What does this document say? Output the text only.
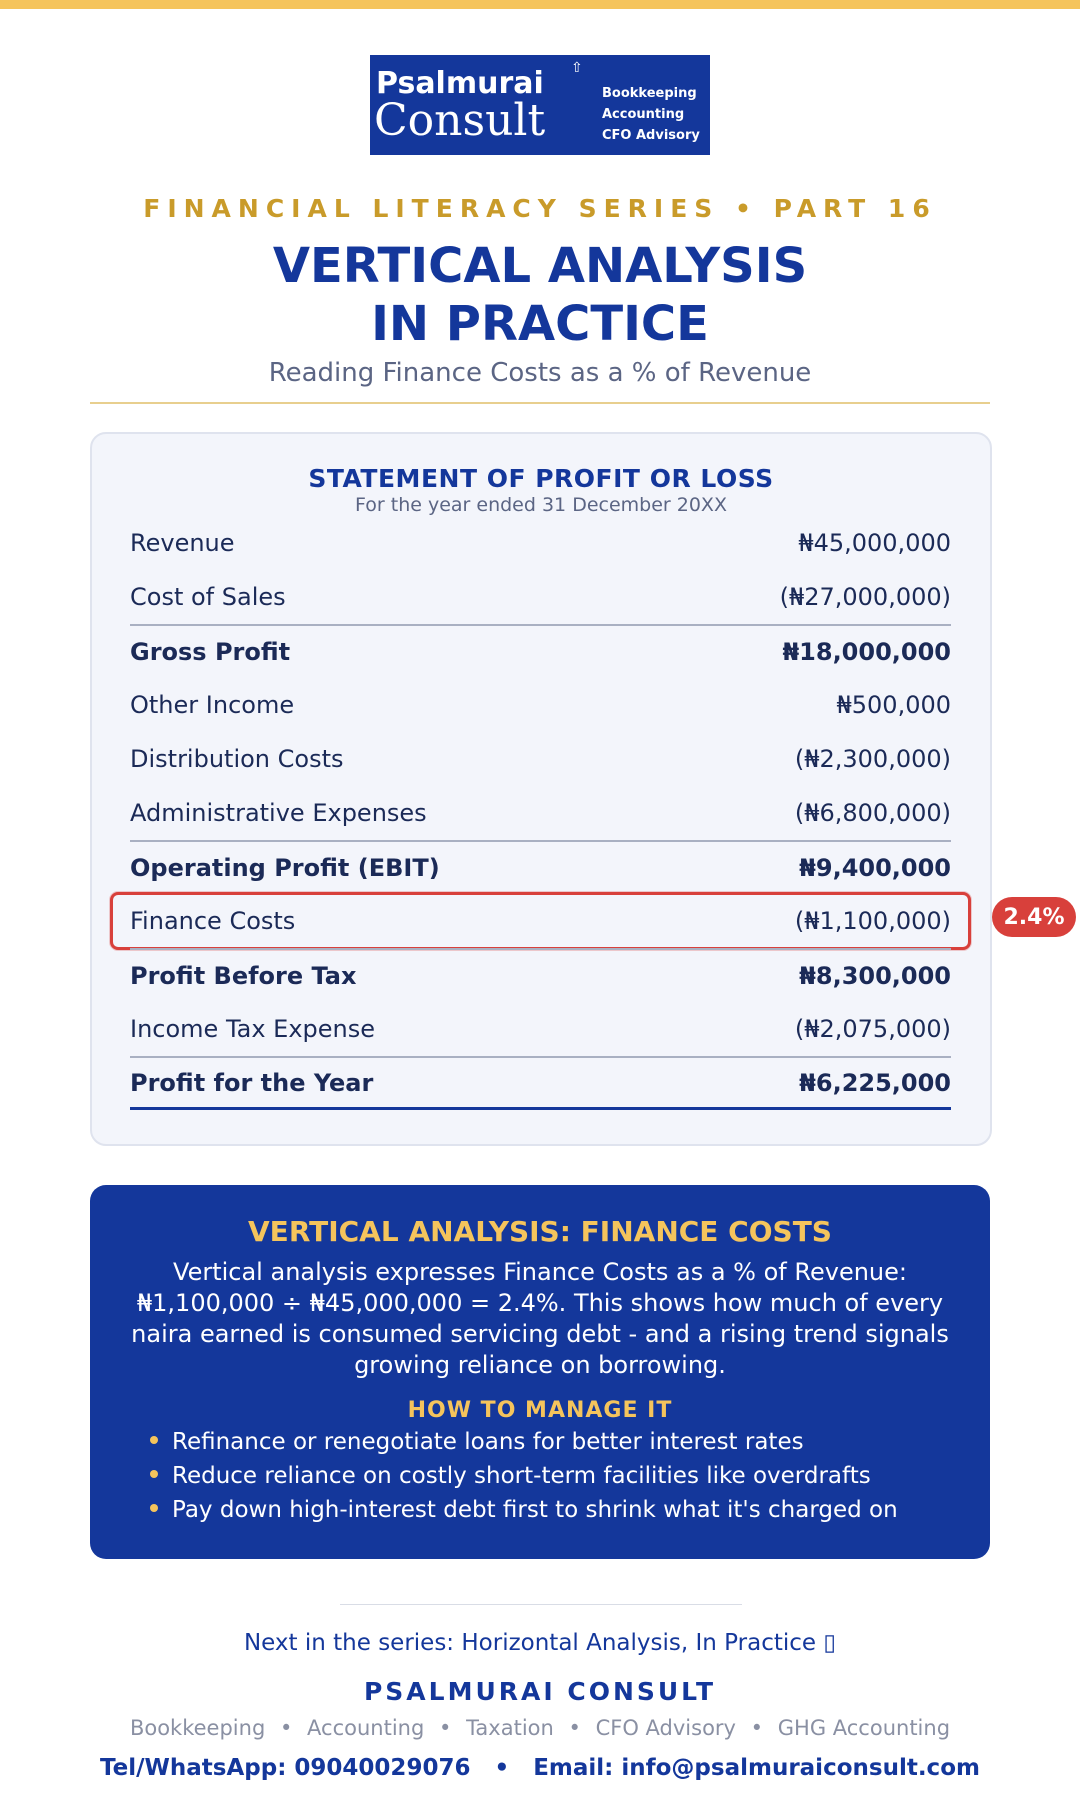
Psalmurai ⇧
Consult
Bookkeeping
Accounting
CFO Advisory
FINANCIAL LITERACY SERIES • PART 16
VERTICAL ANALYSIS
IN PRACTICE
Reading Finance Costs as a % of Revenue
STATEMENT OF PROFIT OR LOSS
For the year ended 31 December 20XX
Revenue	₦45,000,000
Cost of Sales	(₦27,000,000)
Gross Profit	₦18,000,000
Other Income	₦500,000
Distribution Costs	(₦2,300,000)
Administrative Expenses	(₦6,800,000)
Operating Profit (EBIT)	₦9,400,000
Finance Costs	(₦1,100,000)
Profit Before Tax	₦8,300,000
Income Tax Expense	(₦2,075,000)
Profit for the Year	₦6,225,000
2.4%
VERTICAL ANALYSIS: FINANCE COSTS
Vertical analysis expresses Finance Costs as a % of Revenue: ₦1,100,000 ÷ ₦45,000,000 = 2.4%. This shows how much of every naira earned is consumed servicing debt - and a rising trend signals growing reliance on borrowing.
HOW TO MANAGE IT
Refinance or renegotiate loans for better interest rates
Reduce reliance on costly short-term facilities like overdrafts
Pay down high-interest debt first to shrink what it's charged on
Next in the series: Horizontal Analysis, In Practice ▯
PSALMURAI CONSULT
Bookkeeping • Accounting • Taxation • CFO Advisory • GHG Accounting
Tel/WhatsApp: 09040029076 • Email: info@psalmuraiconsult.com
